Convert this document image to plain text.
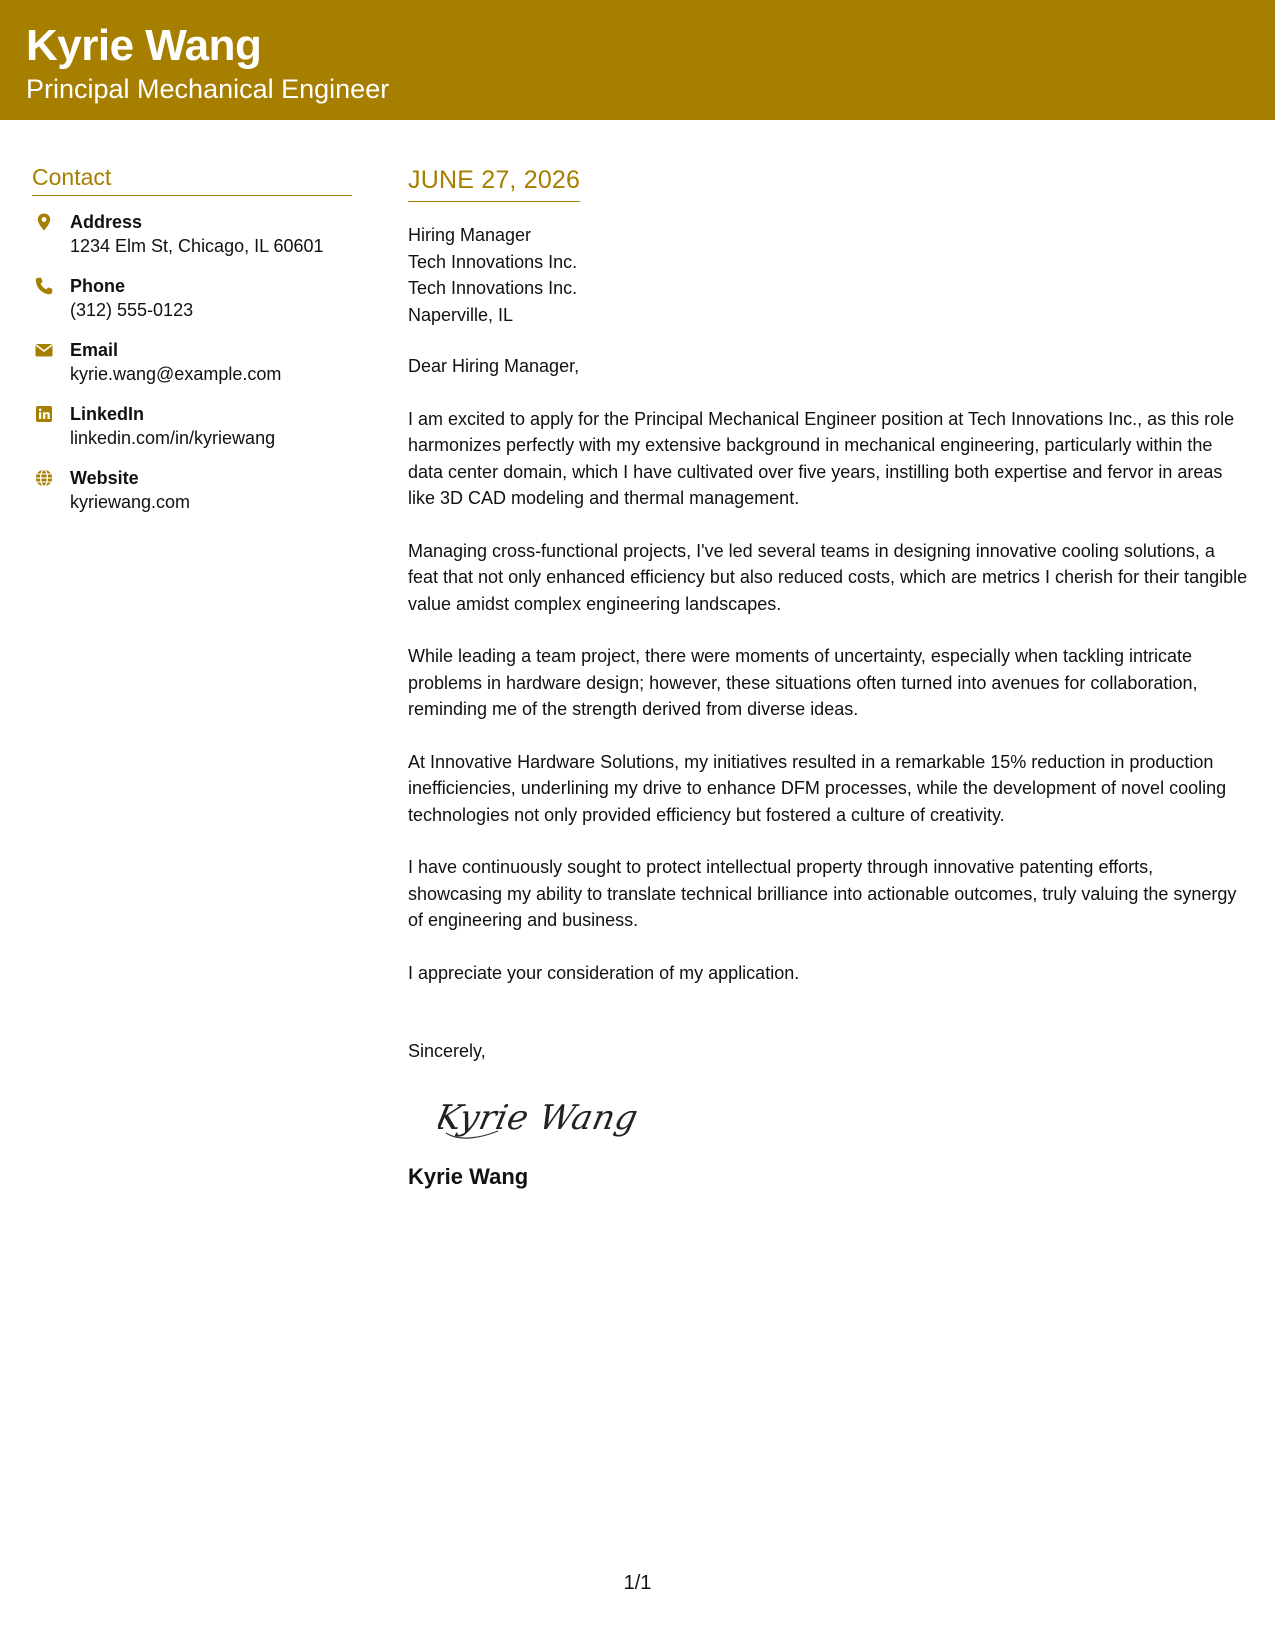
Kyrie Wang
Principal Mechanical Engineer
Contact
Address
1234 Elm St, Chicago, IL 60601
Phone
(312) 555-0123
Email
kyrie.wang@example.com
LinkedIn
linkedin.com/in/kyriewang
Website
kyriewang.com
JUNE 27, 2026
Hiring Manager
Tech Innovations Inc.
Tech Innovations Inc.
Naperville, IL
Dear Hiring Manager,
I am excited to apply for the Principal Mechanical Engineer position at Tech Innovations Inc., as this role harmonizes perfectly with my extensive background in mechanical engineering, particularly within the data center domain, which I have cultivated over five years, instilling both expertise and fervor in areas like 3D CAD modeling and thermal management.
Managing cross-functional projects, I've led several teams in designing innovative cooling solutions, a feat that not only enhanced efficiency but also reduced costs, which are metrics I cherish for their tangible value amidst complex engineering landscapes.
While leading a team project, there were moments of uncertainty, especially when tackling intricate problems in hardware design; however, these situations often turned into avenues for collaboration, reminding me of the strength derived from diverse ideas.
At Innovative Hardware Solutions, my initiatives resulted in a remarkable 15% reduction in production inefficiencies, underlining my drive to enhance DFM processes, while the development of novel cooling technologies not only provided efficiency but fostered a culture of creativity.
I have continuously sought to protect intellectual property through innovative patenting efforts, showcasing my ability to translate technical brilliance into actionable outcomes, truly valuing the synergy of engineering and business.
I appreciate your consideration of my application.
Sincerely,
Kyrie Wang
Kyrie Wang
1/1
